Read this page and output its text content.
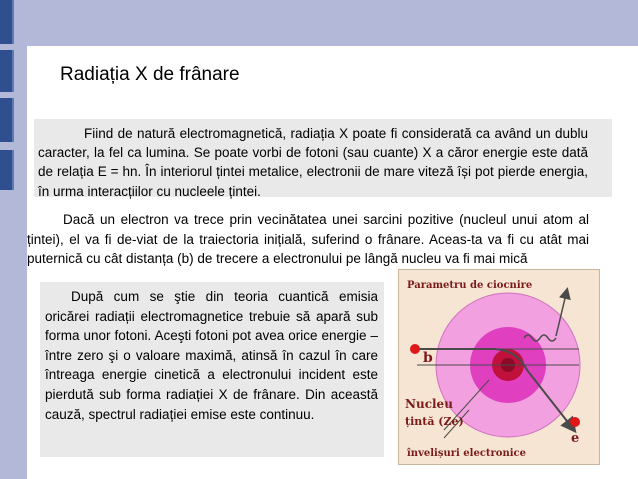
Radiația X de frânare
Fiind de natură electromagnetică, radiația X poate fi considerată ca având un dublu caracter, la fel ca lumina. Se poate vorbi de fotoni (sau cuante) X a căror energie este dată de relația E = hn. În interiorul țintei metalice, electronii de mare viteză își pot pierde energia, în urma interacțiilor cu nucleele țintei.
Dacă un electron va trece prin vecinătatea unei sarcini pozitive (nucleul unui atom al țintei), el va fi de-viat de la traiectoria inițială, suferind o frânare. Aceas-ta va fi cu atât mai puternică cu cât distanța (b) de trecere a electronului pe lângă nucleu va fi mai mică
După cum se ştie din teoria cuantică emisia oricărei radiații electromagnetice trebuie să apară sub forma unor fotoni. Aceşti fotoni pot avea orice energie – între zero şi o valoare maximă, atinsă în cazul în care întreaga energie cinetică a electronului incident este pierdută sub forma radiației X de frânare. Din această cauză, spectrul radiației emise este continuu.
Parametru de ciocnire
b
Nucleu
țintă (Ze)
e
învelișuri electronice
